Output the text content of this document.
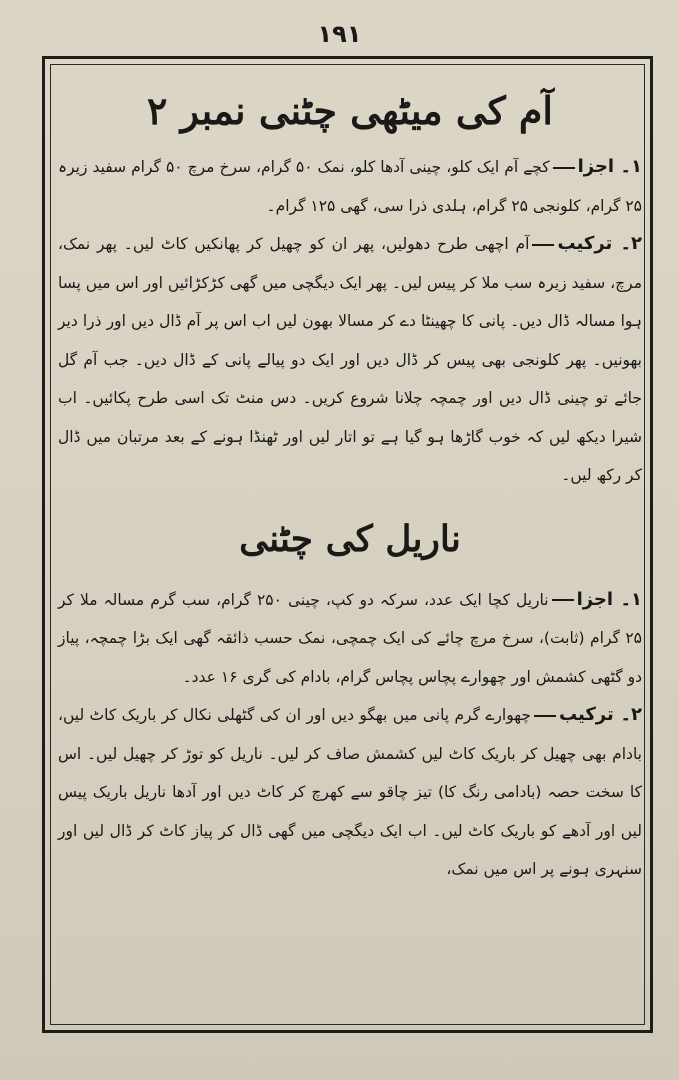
۱۹۱
آم کی میٹھی چٹنی نمبر ۲

۱۔ اجزاکچے آم ایک کلو، چینی آدھا کلو، نمک ۵۰ گرام، سرخ مرچ ۵۰ گرام سفید زیرہ ۲۵ گرام، کلونجی ۲۵ گرام، ہلدی ذرا سی، گھی ۱۲۵ گرام۔

۲۔ ترکیبآم اچھی طرح دھولیں، پھر ان کو چھیل کر پھانکیں کاٹ لیں۔ پھر نمک، مرچ، سفید زیرہ سب ملا کر پیس لیں۔ پھر ایک دیگچی میں گھی کڑکڑائیں اور اس میں پسا ہوا مسالہ ڈال دیں۔ پانی کا چھینٹا دے کر مسالا بھون لیں اب اس پر آم ڈال دیں اور ذرا دیر بھونیں۔ پھر کلونجی بھی پیس کر ڈال دیں اور ایک دو پیالے پانی کے ڈال دیں۔ جب آم گل جائے تو چینی ڈال دیں اور چمچہ چلانا شروع کریں۔ دس منٹ تک اسی طرح پکائیں۔ اب شیرا دیکھ لیں کہ خوب گاڑھا ہو گیا ہے تو اتار لیں اور ٹھنڈا ہونے کے بعد مرتبان میں ڈال کر رکھ لیں۔

ناریل کی چٹنی

۱۔ اجزاناریل کچا ایک عدد، سرکہ دو کپ، چینی ۲۵۰ گرام، سب گرم مسالہ ملا کر ۲۵ گرام (ثابت)، سرخ مرچ چائے کی ایک چمچی، نمک حسب ذائقہ گھی ایک بڑا چمچہ، پیاز دو گٹھی کشمش اور چھوارے پچاس پچاس گرام، بادام کی گری ۱۶ عدد۔

۲۔ ترکیبچھوارے گرم پانی میں بھگو دیں اور ان کی گٹھلی نکال کر باریک کاٹ لیں، بادام بھی چھیل کر باریک کاٹ لیں کشمش صاف کر لیں۔ ناریل کو توڑ کر چھیل لیں۔ اس کا سخت حصہ (بادامی رنگ کا) تیز چاقو سے کھرچ کر کاٹ دیں اور آدھا ناریل باریک پیس لیں اور آدھے کو باریک کاٹ لیں۔ اب ایک دیگچی میں گھی ڈال کر پیاز کاٹ کر ڈال لیں اور سنہری ہونے پر اس میں نمک،
